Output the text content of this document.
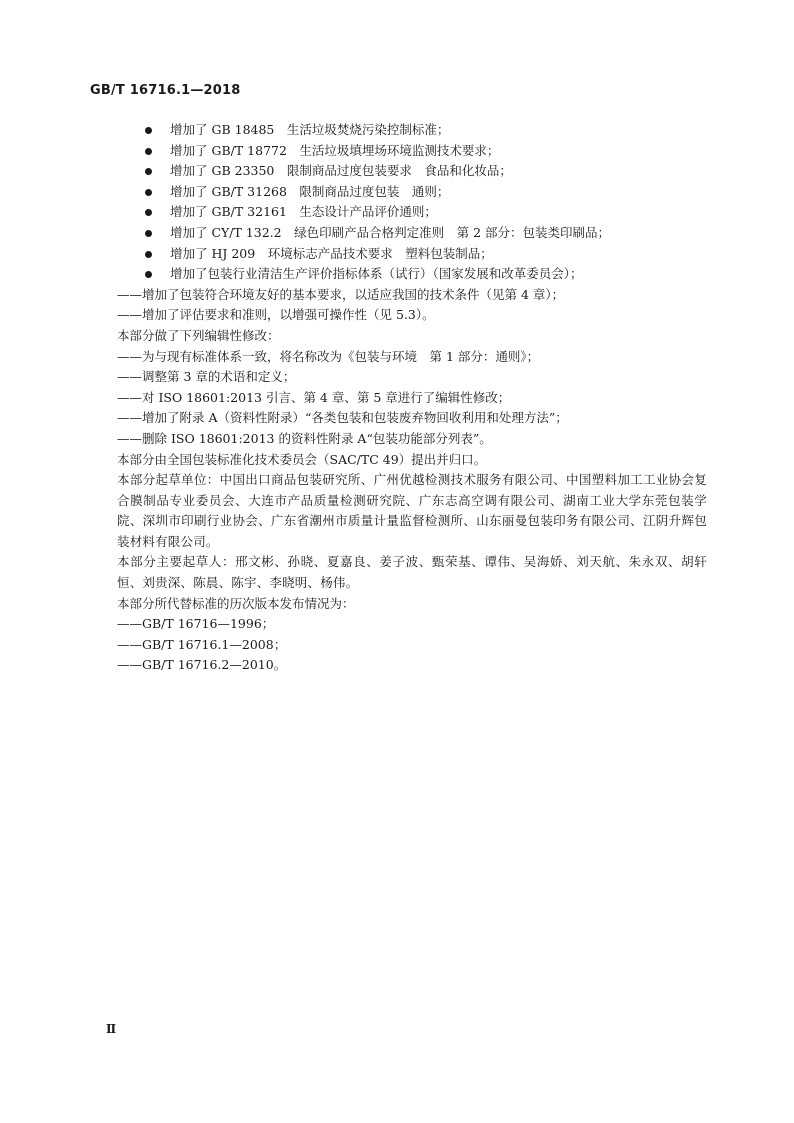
GB/T 16716.1—2018
增加了 GB 18485　生活垃圾焚烧污染控制标准；
增加了 GB/T 18772　生活垃圾填埋场环境监测技术要求；
增加了 GB 23350　限制商品过度包装要求　食品和化妆品；
增加了 GB/T 31268　限制商品过度包装　通则；
增加了 GB/T 32161　生态设计产品评价通则；
增加了 CY/T 132.2　绿色印刷产品合格判定准则　第 2 部分：包装类印刷品；
增加了 HJ 209　环境标志产品技术要求　塑料包装制品；
增加了包装行业清洁生产评价指标体系（试行）（国家发展和改革委员会）；
——增加了包装符合环境友好的基本要求，以适应我国的技术条件（见第 4 章）；
——增加了评估要求和准则，以增强可操作性（见 5.3）。
本部分做了下列编辑性修改：
——为与现有标准体系一致，将名称改为《包装与环境　第 1 部分：通则》；
——调整第 3 章的术语和定义；
——对 ISO 18601:2013 引言、第 4 章、第 5 章进行了编辑性修改；
——增加了附录 A（资料性附录）“各类包装和包装废弃物回收利用和处理方法”；
——删除 ISO 18601:2013 的资料性附录 A“包装功能部分列表”。
本部分由全国包装标准化技术委员会（SAC/TC 49）提出并归口。
本部分起草单位：中国出口商品包装研究所、广州优越检测技术服务有限公司、中国塑料加工工业协会复合膜制品专业委员会、大连市产品质量检测研究院、广东志高空调有限公司、湖南工业大学东莞包装学院、深圳市印刷行业协会、广东省潮州市质量计量监督检测所、山东丽曼包装印务有限公司、江阴升辉包装材料有限公司。
本部分主要起草人：邢文彬、孙晓、夏嘉良、姜子波、甄荣基、谭伟、吴海娇、刘天航、朱永双、胡轩恒、刘贵深、陈晨、陈宇、李晓明、杨伟。
本部分所代替标准的历次版本发布情况为：
——GB/T 16716—1996；
——GB/T 16716.1—2008；
——GB/T 16716.2—2010。
Ⅱ
